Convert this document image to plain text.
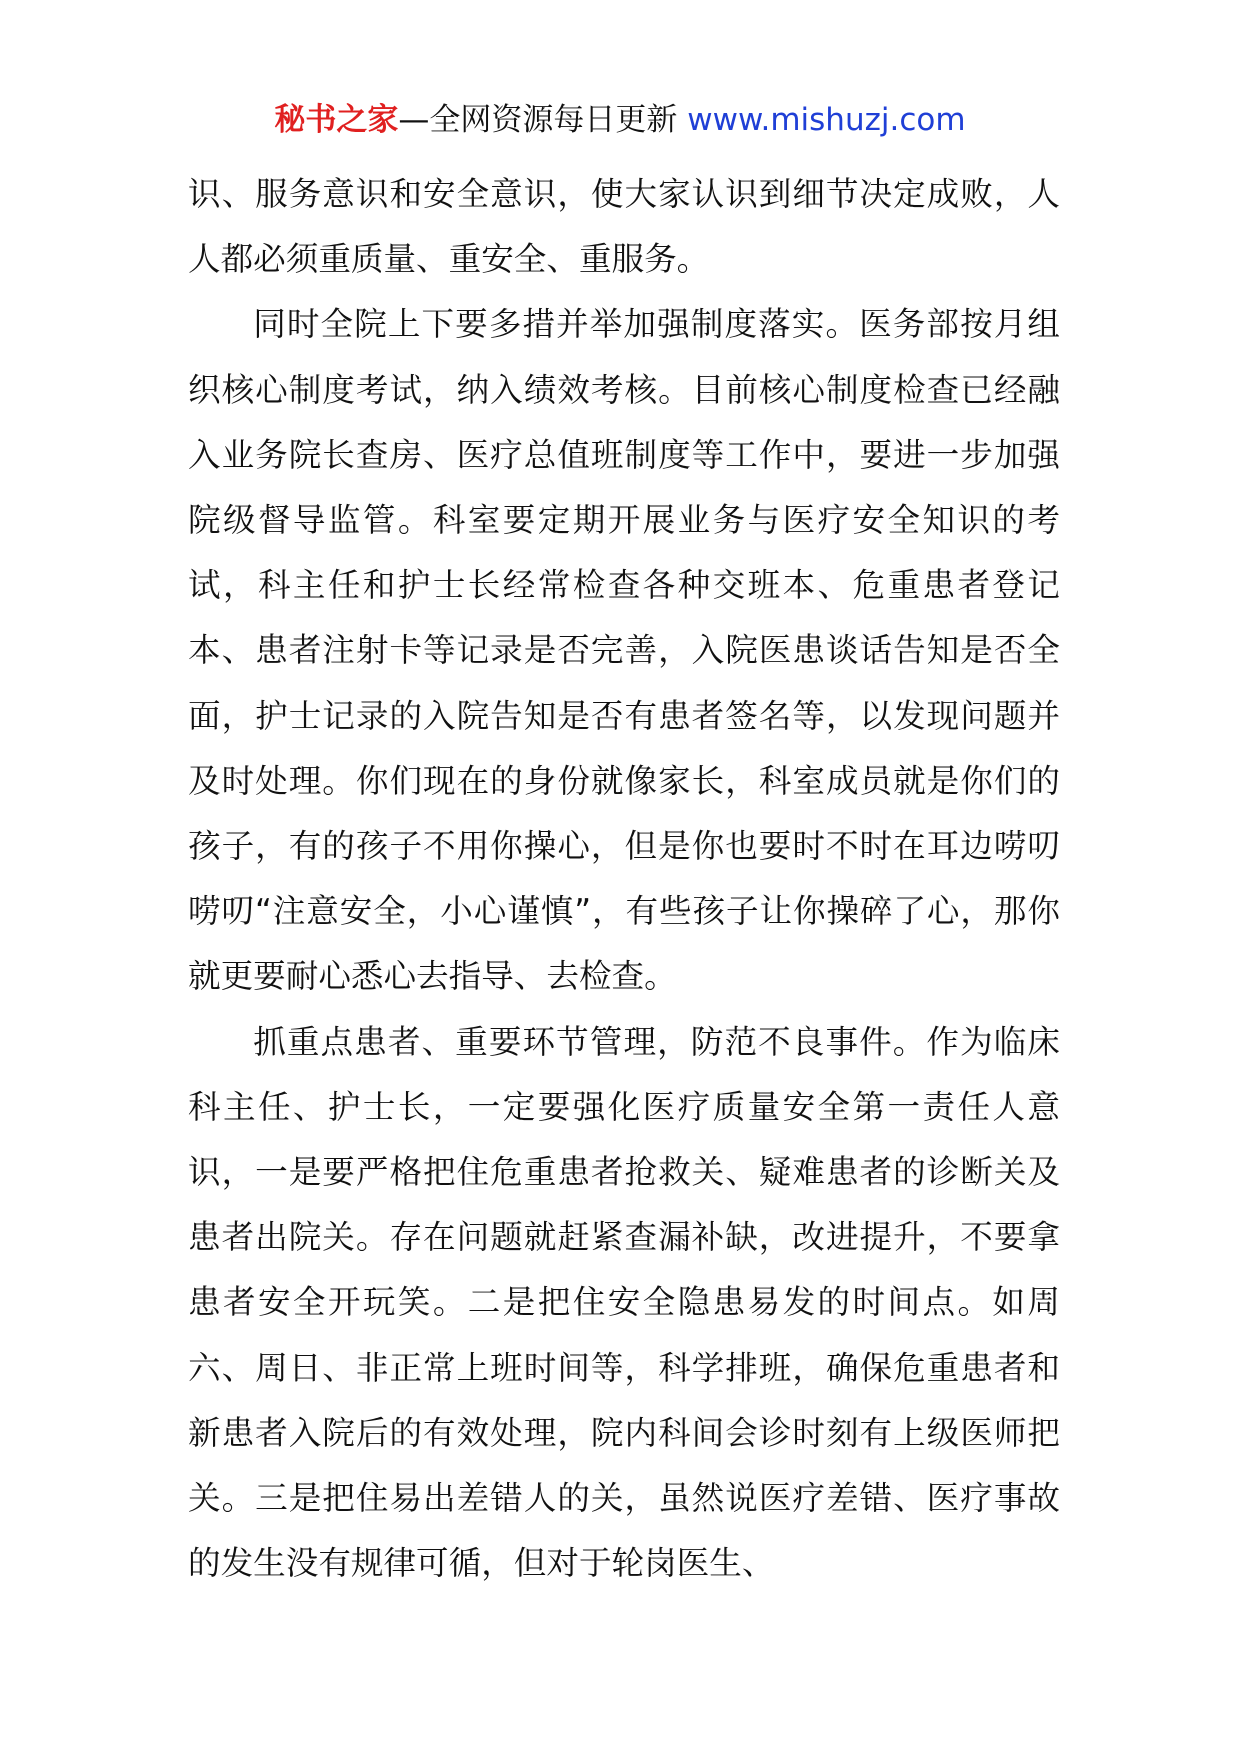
秘书之家—全网资源每日更新 www.mishuzj.com

识、服务意识和安全意识，使大家认识到细节决定成败，人人都必须重质量、重安全、重服务。

同时全院上下要多措并举加强制度落实。医务部按月组织核心制度考试，纳入绩效考核。目前核心制度检查已经融入业务院长查房、医疗总值班制度等工作中，要进一步加强院级督导监管。科室要定期开展业务与医疗安全知识的考试，科主任和护士长经常检查各种交班本、危重患者登记本、患者注射卡等记录是否完善，入院医患谈话告知是否全面，护士记录的入院告知是否有患者签名等，以发现问题并及时处理。你们现在的身份就像家长，科室成员就是你们的孩子，有的孩子不用你操心，但是你也要时不时在耳边唠叨唠叨“注意安全，小心谨慎”，有些孩子让你操碎了心，那你就更要耐心悉心去指导、去检查。

抓重点患者、重要环节管理，防范不良事件。作为临床科主任、护士长，一定要强化医疗质量安全第一责任人意识，一是要严格把住危重患者抢救关、疑难患者的诊断关及患者出院关。存在问题就赶紧查漏补缺，改进提升，不要拿患者安全开玩笑。二是把住安全隐患易发的时间点。如周六、周日、非正常上班时间等，科学排班，确保危重患者和新患者入院后的有效处理，院内科间会诊时刻有上级医师把关。三是把住易出差错人的关，虽然说医疗差错、医疗事故的发生没有规律可循，但对于轮岗医生、
